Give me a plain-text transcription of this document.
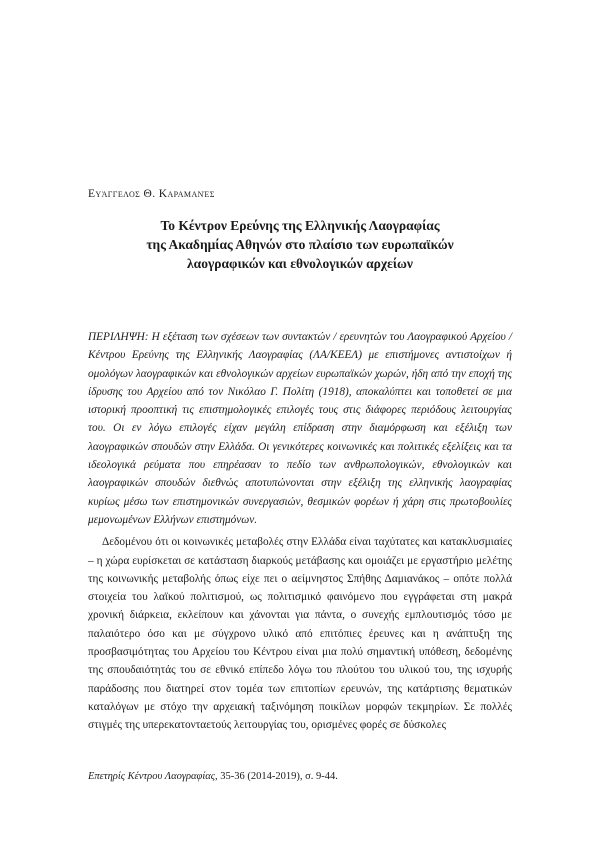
Ευάγγελος Θ. Καραμανές
Το Κέντρον Ερεύνης της Ελληνικής Λαογραφίας
της Ακαδημίας Αθηνών στο πλαίσιο των ευρωπαϊκών
λαογραφικών και εθνολογικών αρχείων

ΠΕΡΙΛΗΨΗ: Η εξέταση των σχέσεων των συντακτών / ερευνητών του Λαογραφικού Αρχείου / Κέντρου Ερεύνης της Ελληνικής Λαογραφίας (ΛΑ/ΚΕΕΛ) με επιστήμονες αντιστοίχων ή ομολόγων λαογραφικών και εθνολογικών αρχείων ευρωπαϊκών χωρών, ήδη από την εποχή της ίδρυσης του Αρχείου από τον Νικόλαο Γ. Πολίτη (1918), αποκαλύπτει και τοποθετεί σε μια ιστορική προοπτική τις επιστημολογικές επιλογές τους στις διάφορες περιόδους λειτουργίας του. Οι εν λόγω επιλογές είχαν μεγάλη επίδραση στην διαμόρφωση και εξέλιξη των λαογραφικών σπουδών στην Ελλάδα. Οι γενικότερες κοινωνικές και πολιτικές εξελίξεις και τα ιδεολογικά ρεύματα που επηρέασαν το πεδίο των ανθρωπολογικών, εθνολογικών και λαογραφικών σπουδών διεθνώς αποτυπώνονται στην εξέλιξη της ελληνικής λαογραφίας κυρίως μέσω των επιστημονικών συνεργασιών, θεσμικών φορέων ή χάρη στις πρωτοβουλίες μεμονωμένων Ελλήνων επιστημόνων.

Δεδομένου ότι οι κοινωνικές μεταβολές στην Ελλάδα είναι ταχύτατες και κατακλυσμιαίες – η χώρα ευρίσκεται σε κατάσταση διαρκούς μετάβασης και ομοιάζει με εργαστήριο μελέτης της κοινωνικής μεταβολής όπως είχε πει ο αείμνηστος Σπήθης Δαμιανάκος – οπότε πολλά στοιχεία του λαϊκού πολιτισμού, ως πολιτισμικό φαινόμενο που εγγράφεται στη μακρά χρονική διάρκεια, εκλείπουν και χάνονται για πάντα, ο συνεχής εμπλουτισμός τόσο με παλαιότερο όσο και με σύγχρονο υλικό από επιτόπιες έρευνες και η ανάπτυξη της προσβασιμότητας του Αρχείου του Κέντρου είναι μια πολύ σημαντική υπόθεση, δεδομένης της σπουδαιότητάς του σε εθνικό επίπεδο λόγω του πλούτου του υλικού του, της ισχυρής παράδοσης που διατηρεί στον τομέα των επιτοπίων ερευνών, της κατάρτισης θεματικών καταλόγων με στόχο την αρχειακή ταξινόμηση ποικίλων μορφών τεκμηρίων. Σε πολλές στιγμές της υπερεκατονταετούς λειτουργίας του, ορισμένες φορές σε δύσκολες

Επετηρίς Κέντρου Λαογραφίας, 35-36 (2014-2019), σ. 9-44.
